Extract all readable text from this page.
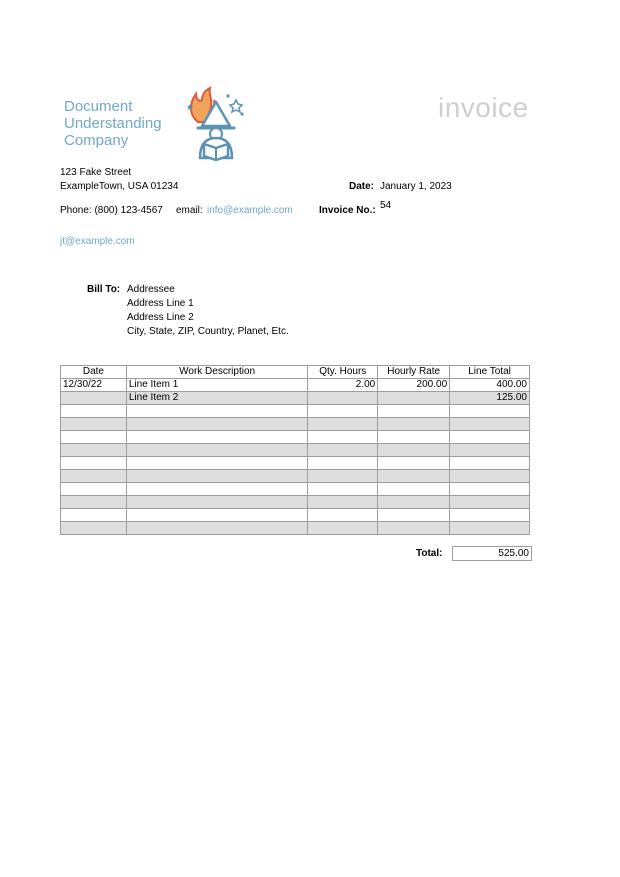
Document
Understanding
Company
invoice
123 Fake Street
ExampleTown, USA 01234	Date: January 1, 2023
Phone: (800) 123-4567 email: info@example.com	Invoice No.: 54
jt@example.com
Bill To: Addressee
Address Line 1
Address Line 2
City, State, ZIP, Country, Planet, Etc.
Date	Work Description	Qty. Hours	Hourly Rate	Line Total
12/30/22	Line Item 1	2.00	200.00	400.00
	Line Item 2			125.00

Total:	525.00
